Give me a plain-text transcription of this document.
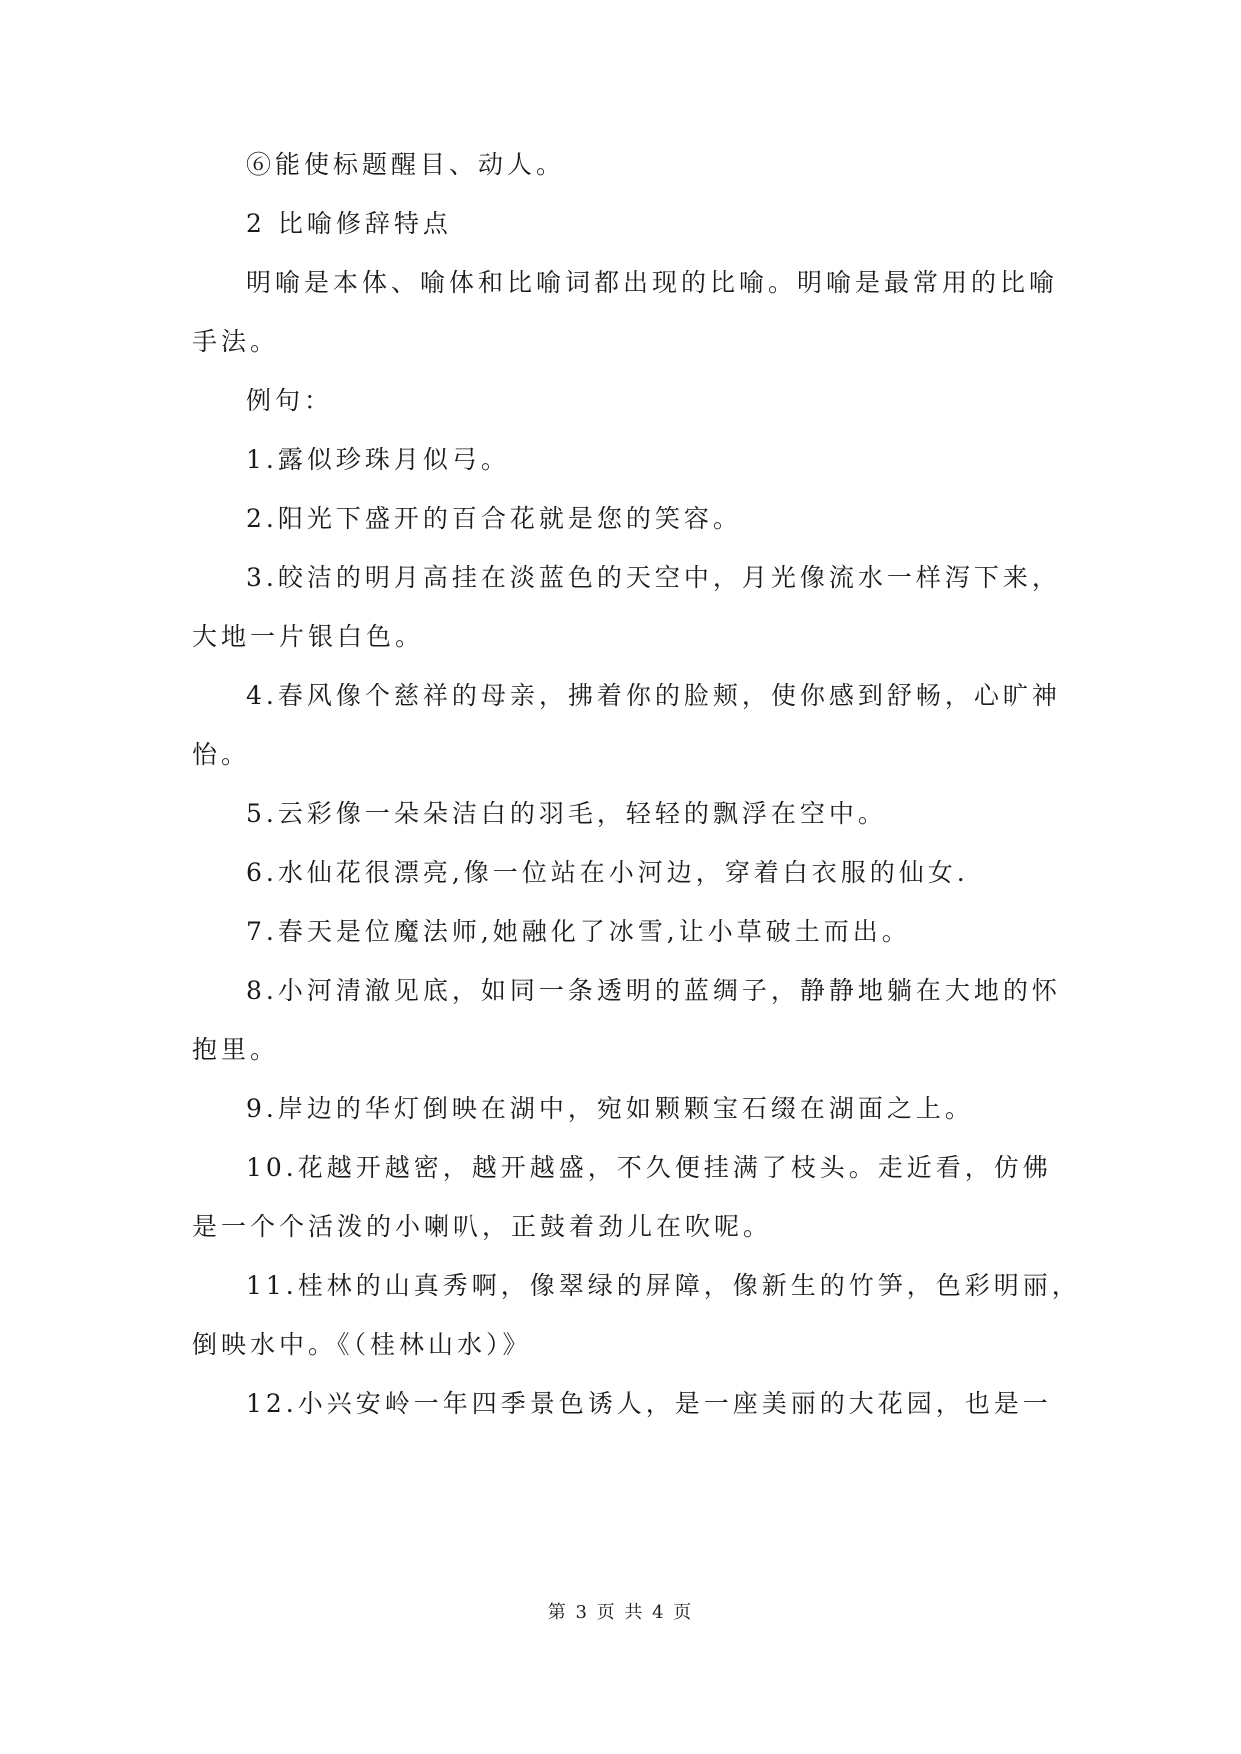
⑥能使标题醒目、动人。
2 比喻修辞特点
明喻是本体、喻体和比喻词都出现的比喻。明喻是最常用的比喻
手法。
例句：
1.露似珍珠月似弓。
2.阳光下盛开的百合花就是您的笑容。
3.皎洁的明月高挂在淡蓝色的天空中，月光像流水一样泻下来，
大地一片银白色。
4.春风像个慈祥的母亲，拂着你的脸颊，使你感到舒畅，心旷神
怡。
5.云彩像一朵朵洁白的羽毛，轻轻的飘浮在空中。
6.水仙花很漂亮,像一位站在小河边，穿着白衣服的仙女.
7.春天是位魔法师,她融化了冰雪,让小草破土而出。
8.小河清澈见底，如同一条透明的蓝绸子，静静地躺在大地的怀
抱里。
9.岸边的华灯倒映在湖中，宛如颗颗宝石缀在湖面之上。
10.花越开越密，越开越盛，不久便挂满了枝头。走近看，仿佛
是一个个活泼的小喇叭，正鼓着劲儿在吹呢。
11.桂林的山真秀啊，像翠绿的屏障，像新生的竹笋，色彩明丽，
倒映水中。《（桂林山水）》
12.小兴安岭一年四季景色诱人，是一座美丽的大花园，也是一
第 3 页 共 4 页
